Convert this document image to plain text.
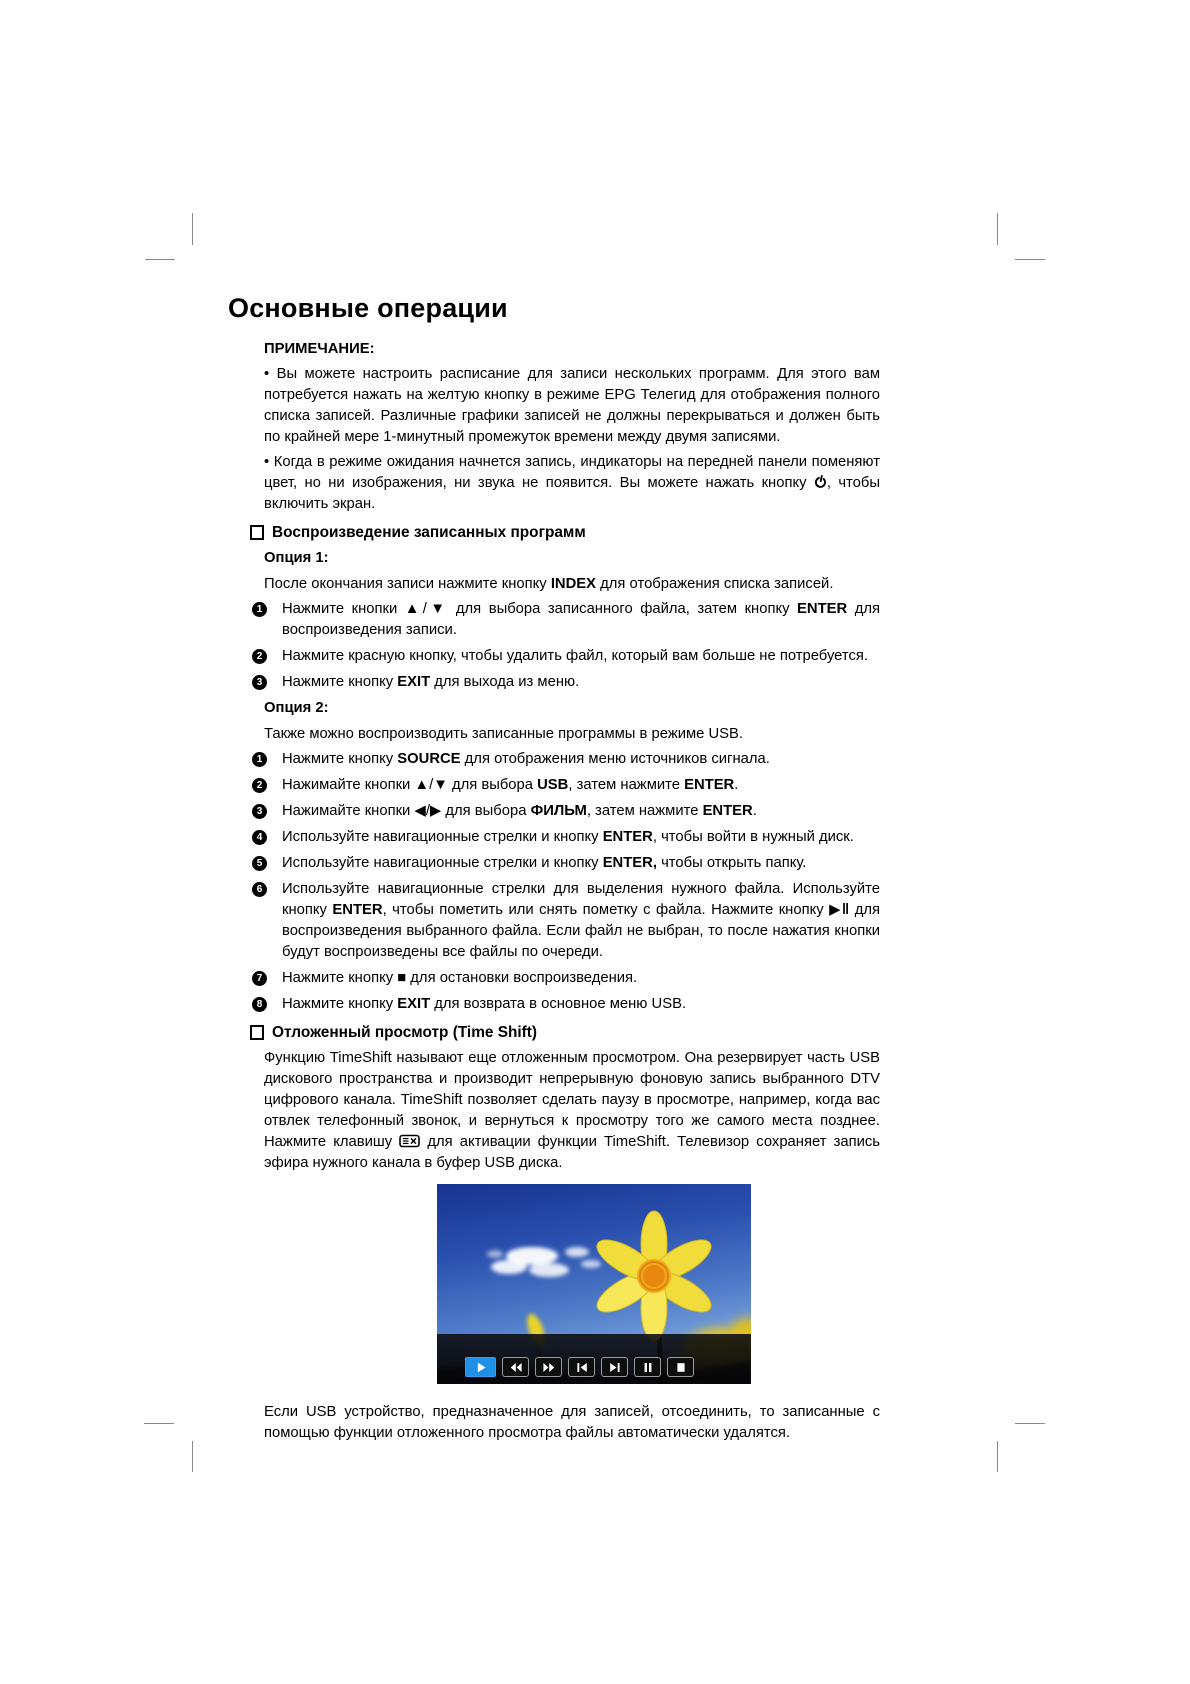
Основные операции
ПРИМЕЧАНИЕ:

• Вы можете настроить расписание для записи нескольких программ. Для этого вам потребуется нажать на желтую кнопку в режиме EPG Телегид для отображения полного списка записей. Различные графики записей не должны перекрываться и должен быть по крайней мере 1-минутный промежуток времени между двумя записями.

• Когда в режиме ожидания начнется запись, индикаторы на передней панели поменяют цвет, но ни изображения, ни звука не появится. Вы можете нажать кнопку , чтобы включить экран.

Воспроизведение записанных программ
Опция 1:

После окончания записи нажмите кнопку INDEX для отображения списка записей.

1	Нажмите кнопки ▲/▼ для выбора записанного файла, затем кнопку ENTER для воспроизведения записи.
2	Нажмите красную кнопку, чтобы удалить файл, который вам больше не потребуется.
3	Нажмите кнопку EXIT для выхода из меню.
Опция 2:

Также можно воспроизводить записанные программы в режиме USB.

1	Нажмите кнопку SOURCE для отображения меню источников сигнала.
2	Нажимайте кнопки ▲/▼ для выбора USB, затем нажмите ENTER.
3	Нажимайте кнопки ◀/▶ для выбора ФИЛЬМ, затем нажмите ENTER.
4	Используйте навигационные стрелки и кнопку ENTER, чтобы войти в нужный диск.
5	Используйте навигационные стрелки и кнопку ENTER, чтобы открыть папку.
6	Используйте навигационные стрелки для выделения нужного файла. Используйте кнопку ENTER, чтобы пометить или снять пометку с файла. Нажмите кнопку ▶‖ для воспроизведения выбранного файла. Если файл не выбран, то после нажатия кнопки будут воспроизведены все файлы по очереди.
7	Нажмите кнопку ■ для остановки воспроизведения.
8	Нажмите кнопку EXIT для возврата в основное меню USB.
Отложенный просмотр (Time Shift)

Функцию TimeShift называют еще отложенным просмотром. Она резервирует часть USB дискового пространства и производит непрерывную фоновую запись выбранного DTV цифрового канала. TimeShift позволяет сделать паузу в просмотре, например, когда вас отвлек телефонный звонок, и вернуться к просмотру того же самого места позднее. Нажмите клавишу  для активации функции TimeShift. Телевизор сохраняет запись эфира нужного канала в буфер USB диска.

Если USB устройство, предназначенное для записей, отсоединить, то записанные с помощью функции отложенного просмотра файлы автоматически удалятся.
